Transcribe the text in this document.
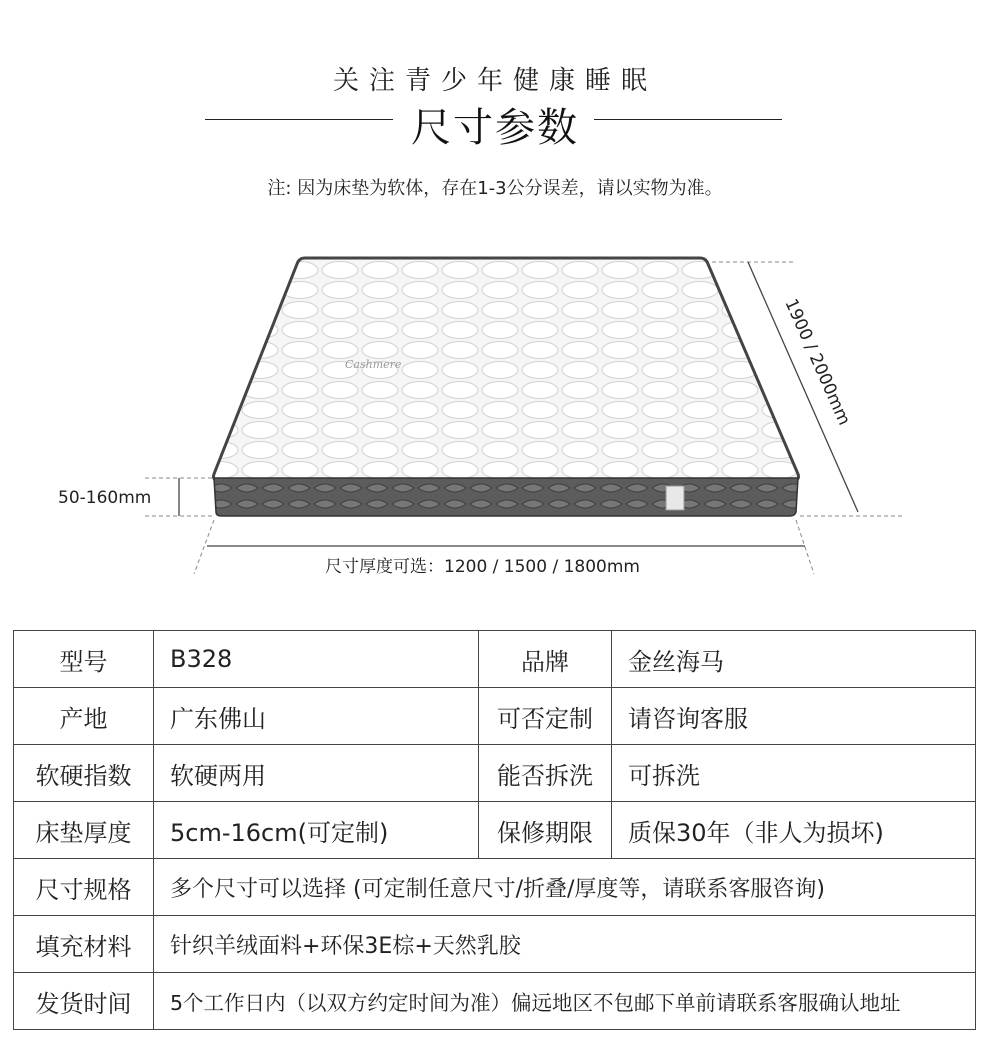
关注青少年健康睡眠
尺寸参数
注: 因为床垫为软体，存在1-3公分误差，请以实物为准。
Cashmere	1900 / 2000mm
50-160mm
尺寸厚度可选：1200 / 1500 / 1800mm
型号	B328	品牌	金丝海马
产地	广东佛山	可否定制	请咨询客服
软硬指数	软硬两用	能否拆洗	可拆洗
床垫厚度	5cm-16cm(可定制)	保修期限	质保30年（非人为损坏)
尺寸规格	多个尺寸可以选择 (可定制任意尺寸/折叠/厚度等，请联系客服咨询)		
填充材料	针织羊绒面料+环保3E棕+天然乳胶		
发货时间	5个工作日内（以双方约定时间为准）偏远地区不包邮下单前请联系客服确认地址		
